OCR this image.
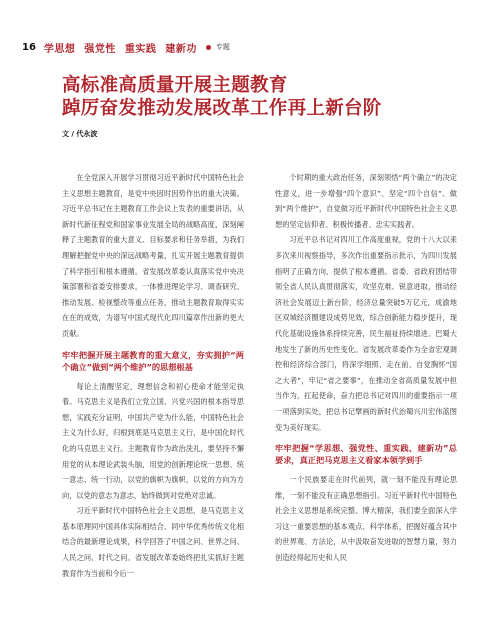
16 学思想 强党性 重实践 建新功	专题
高标准高质量开展主题教育
踔厉奋发推动发展改革工作再上新台阶
文 / 代永波

在全党深入开展学习贯彻习近平新时代中国特色社会主义思想主题教育，是党中央因时因势作出的重大决策。习近平总书记在主题教育工作会议上发表的重要讲话，从新时代新征程党和国家事业发展全局的战略高度，深刻阐释了主题教育的重大意义、目标要求和任务举措，为我们理解把握党中央的深远战略考量，扎实开展主题教育提供了科学指引和根本遵循。省发展改革委认真落实党中央决策部署和省委安排要求，一体推进理论学习、调查研究、推动发展、检视整改等重点任务，推动主题教育取得实实在在的成效，为谱写中国式现代化四川篇章作出新的更大贡献。

牢牢把握开展主题教育的重大意义，夯实拥护“两个确立”做到“两个维护”的思想根基

每论上清醒坚定，理想信念和初心使命才能坚定执着。马克思主义是我们立党立国、兴党兴国的根本指导思想，实践充分证明，中国共产党为什么能，中国特色社会主义为什么好，归根到底是马克思主义行，是中国化时代化的马克思主义行。主题教育作为政治洗礼，要坚持不懈用党的从本理论武装头脑，用党的创新理论统一思想、统一意志、统一行动，以党的旗帜为旗帜，以党的方向为方向，以党的意志为意志，始终做到对党绝对忠诚。

习近平新时代中国特色社会主义思想，是马克思主义基本原理同中国具体实际相结合、同中华优秀传统文化相结合的最新理论成果，科学回答了中国之问、世界之问、人民之问、时代之问。省发展改革委始终把扎实抓好主题教育作为当前和今后一

个时期的重大政治任务，深刻领悟“两个确立”的决定性意义，进一步增强“四个意识”、坚定“四个自信”、做到“两个维护”，自觉做习近平新时代中国特色社会主义思想的坚定信仰者、积极传播者、忠实实践者。

习近平总书记对四川工作高度重视，党的十八大以来多次来川视察指导，多次作出重要指示批示，为四川发展指明了正确方向、提供了根本遵循。省委、省政府团结带领全省人民认真贯彻落实，攻坚克难、锐意进取，推动经济社会发展迈上新台阶，经济总量突破5万亿元，成渝地区双城经济圈建设成势见效，综合创新能力稳步提升，现代化基础设施体系持续完善，民生福祉持续增进。巴蜀大地发生了新的历史性变化。省发展改革委作为全省宏观调控和经济综合部门，将深学细照、走在前、自觉胸怀“国之大者”，牢记“省之要事”，在推动全省高质量发展中担当作为，扛起使命，奋力把总书记对四川的重要指示一项一项落到实处，把总书记擘画的新时代治蜀兴川宏伟蓝图变为美好现实。

牢牢把握“学思想、强党性、重实践、建新功”总要求，真正把马克思主义看家本领学到手

一个民族要走在时代前列，就一刻不能没有理论思维，一刻不能没有正确思想指引。习近平新时代中国特色社会主义思想是系统完整、博大精深，我们要全面深入学习这一重要思想的基本观点、科学体系，把握好蕴含其中的世界观、方法论，从中汲取奋发进取的智慧力量，努力创造经得起历史和人民
